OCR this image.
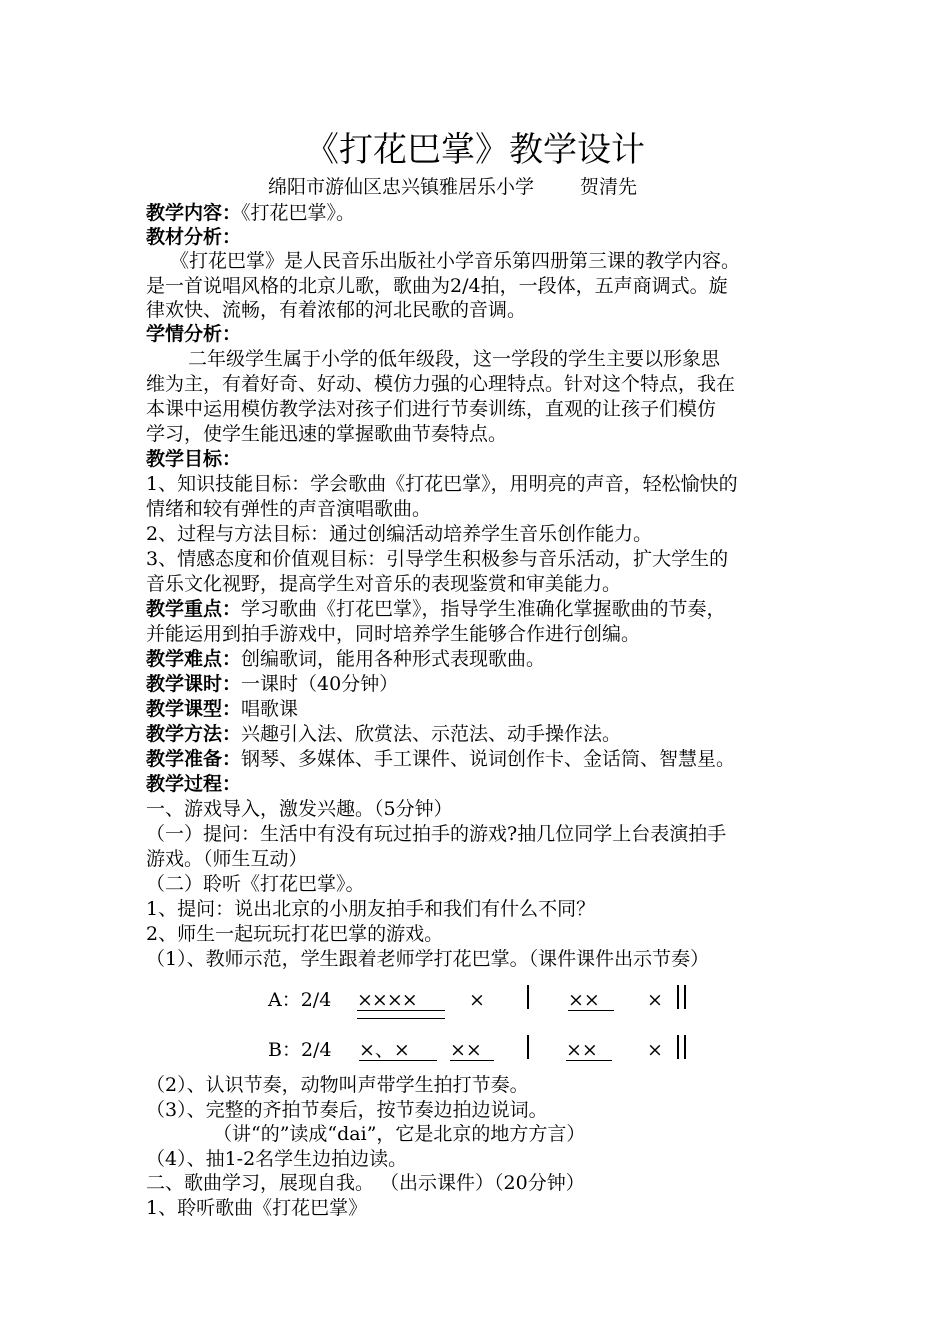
《打花巴掌》教学设计
绵阳市游仙区忠兴镇雅居乐小学 贺清先
教学内容：《打花巴掌》。
教材分析：
《打花巴掌》是人民音乐出版社小学音乐第四册第三课的教学内容。
是一首说唱风格的北京儿歌，歌曲为2/4拍，一段体，五声商调式。旋
律欢快、流畅，有着浓郁的河北民歌的音调。
学情分析：
二年级学生属于小学的低年级段，这一学段的学生主要以形象思
维为主，有着好奇、好动、模仿力强的心理特点。针对这个特点，我在
本课中运用模仿教学法对孩子们进行节奏训练，直观的让孩子们模仿
学习，使学生能迅速的掌握歌曲节奏特点。
教学目标：
1、知识技能目标：学会歌曲《打花巴掌》，用明亮的声音，轻松愉快的
情绪和较有弹性的声音演唱歌曲。
2、过程与方法目标：通过创编活动培养学生音乐创作能力。
3、情感态度和价值观目标：引导学生积极参与音乐活动，扩大学生的
音乐文化视野，提高学生对音乐的表现鉴赏和审美能力。
教学重点：学习歌曲《打花巴掌》，指导学生准确化掌握歌曲的节奏，
并能运用到拍手游戏中，同时培养学生能够合作进行创编。
教学难点：创编歌词，能用各种形式表现歌曲。
教学课时：一课时（40分钟）
教学课型：唱歌课
教学方法：兴趣引入法、欣赏法、示范法、动手操作法。
教学准备：钢琴、多媒体、手工课件、说词创作卡、金话筒、智慧星。
教学过程：
一、游戏导入，激发兴趣。（5分钟）
（一）提问：生活中有没有玩过拍手的游戏?抽几位同学上台表演拍手
游戏。（师生互动）
（二）聆听《打花巴掌》。
1、提问：说出北京的小朋友拍手和我们有什么不同？
2、师生一起玩玩打花巴掌的游戏。
（1）、教师示范，学生跟着老师学打花巴掌。（课件课件出示节奏）
A：2/4 ××××	×	×× ×
B：2/4 ×、× ××	××	×
（2）、认识节奏，动物叫声带学生拍打节奏。
（3）、完整的齐拍节奏后，按节奏边拍边说词。
（讲“的”读成“dai”，它是北京的地方方言）
（4）、抽1-2名学生边拍边读。
二、歌曲学习，展现自我。 （出示课件）（20分钟）
1、聆听歌曲《打花巴掌》
